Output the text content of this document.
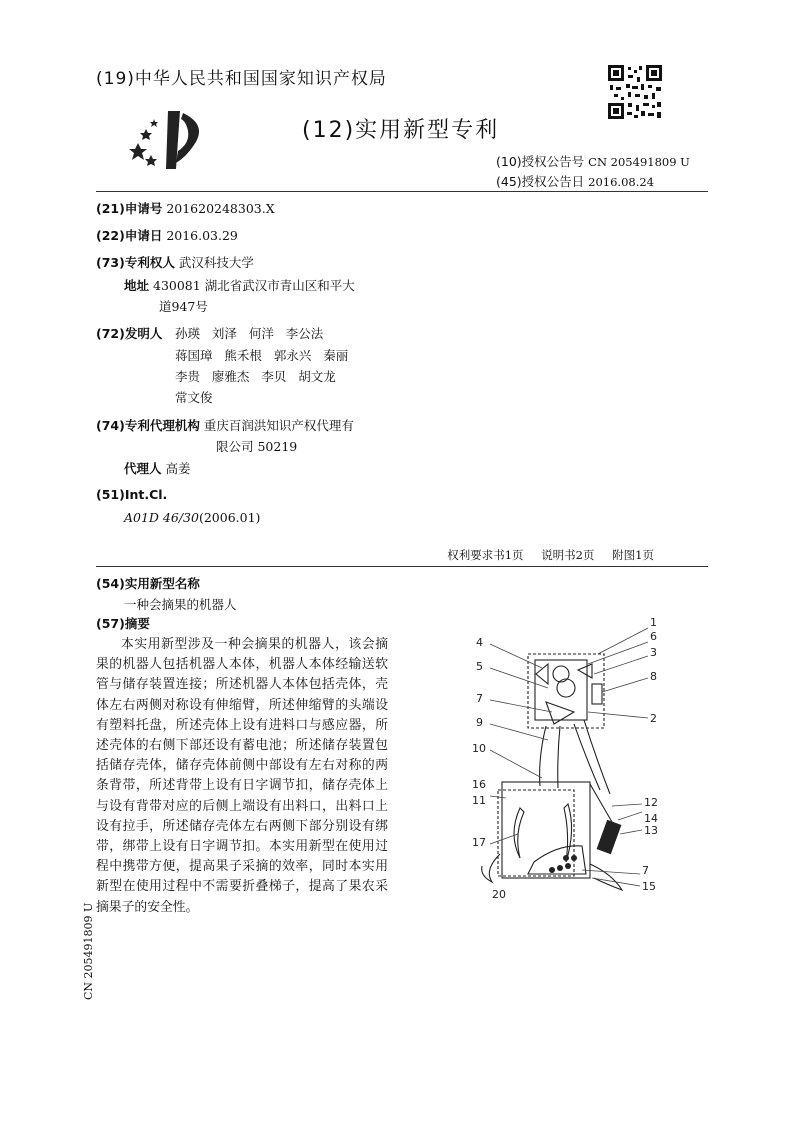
(19)中华人民共和国国家知识产权局
(12)实用新型专利
(10)授权公告号 CN 205491809 U
(45)授权公告日 2016.08.24
(21)申请号 201620248303.X
(22)申请日 2016.03.29
(73)专利权人 武汉科技大学
地址 430081 湖北省武汉市青山区和平大
道947号
(72)发明人 孙瑛   刘泽   何洋   李公法
蒋国璋   熊禾根   郭永兴   秦丽
李贵   廖雅杰   李贝   胡文龙
常文俊
(74)专利代理机构 重庆百润洪知识产权代理有
限公司 50219
代理人 高姜
(51)Int.Cl.
A01D 46/30(2006.01)
权利要求书1页 说明书2页 附图1页
(54)实用新型名称
一种会摘果的机器人
(57)摘要

本实用新型涉及一种会摘果的机器人，该会摘果的机器人包括机器人本体，机器人本体经输送软管与储存装置连接；所述机器人本体包括壳体，壳体左右两侧对称设有伸缩臂，所述伸缩臂的头端设有塑料托盘，所述壳体上设有进料口与感应器，所述壳体的右侧下部还设有蓄电池；所述储存装置包括储存壳体，储存壳体前侧中部设有左右对称的两条背带，所述背带上设有日字调节扣，储存壳体上与设有背带对应的后侧上端设有出料口，出料口上设有拉手，所述储存壳体左右两侧下部分别设有绑带，绑带上设有日字调节扣。本实用新型在使用过程中携带方便，提高果子采摘的效率，同时本实用新型在使用过程中不需要折叠梯子，提高了果农采摘果子的安全性。

1
6
3
8
4
5
7
2
9
10
16
11
17
12
14
13
7
15
20
CN 205491809 U
